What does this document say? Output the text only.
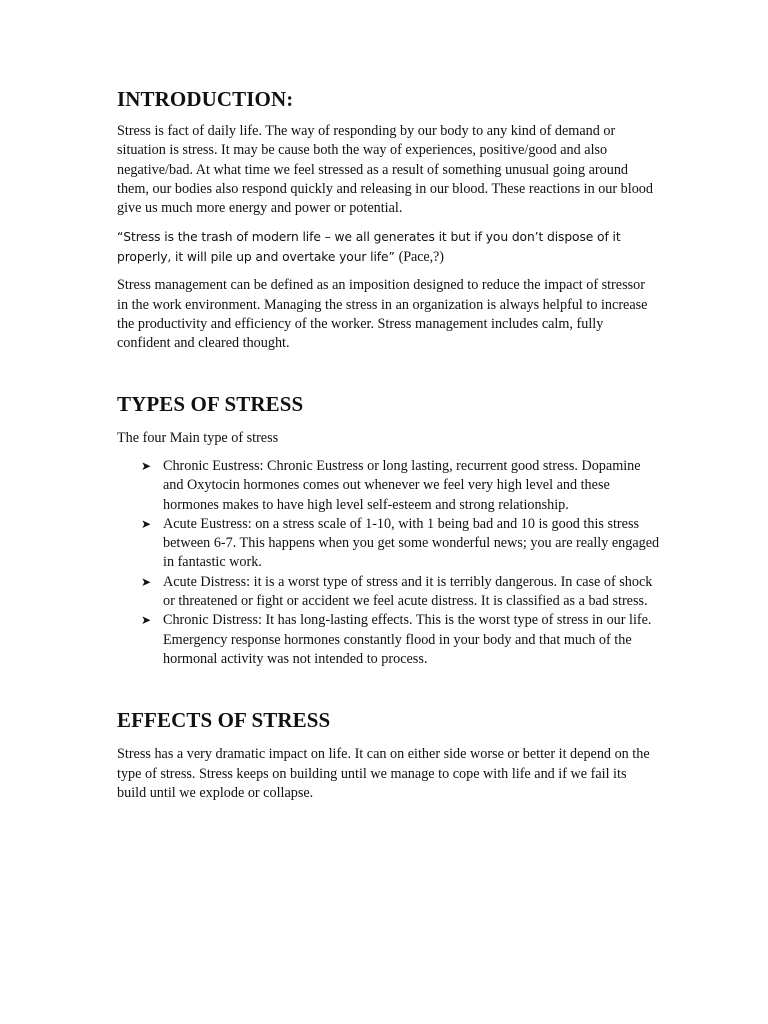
INTRODUCTION:

Stress is fact of daily life. The way of responding by our body to any kind of demand or situation is stress. It may be cause both the way of experiences, positive/good and also negative/bad. At what time we feel stressed as a result of something unusual going around them, our bodies also respond quickly and releasing in our blood. These reactions in our blood give us much more energy and power or potential.

“Stress is the trash of modern life – we all generates it but if you don’t dispose of it properly, it will pile up and overtake your life” (Pace,?)

Stress management can be defined as an imposition designed to reduce the impact of stressor in the work environment. Managing the stress in an organization is always helpful to increase the productivity and efficiency of the worker. Stress management includes calm, fully confident and cleared thought.

TYPES OF STRESS

The four Main type of stress

➤ Chronic Eustress: Chronic Eustress or long lasting, recurrent good stress. Dopamine and Oxytocin hormones comes out whenever we feel very high level and these hormones makes to have high level self-esteem and strong relationship.
➤ Acute Eustress: on a stress scale of 1-10, with 1 being bad and 10 is good this stress between 6-7. This happens when you get some wonderful news; you are really engaged in fantastic work.
➤ Acute Distress: it is a worst type of stress and it is terribly dangerous. In case of shock or threatened or fight or accident we feel acute distress. It is classified as a bad stress.
➤ Chronic Distress: It has long-lasting effects. This is the worst type of stress in our life. Emergency response hormones constantly flood in your body and that much of the hormonal activity was not intended to process.
EFFECTS OF STRESS

Stress has a very dramatic impact on life. It can on either side worse or better it depend on the type of stress. Stress keeps on building until we manage to cope with life and if we fail its build until we explode or collapse.
